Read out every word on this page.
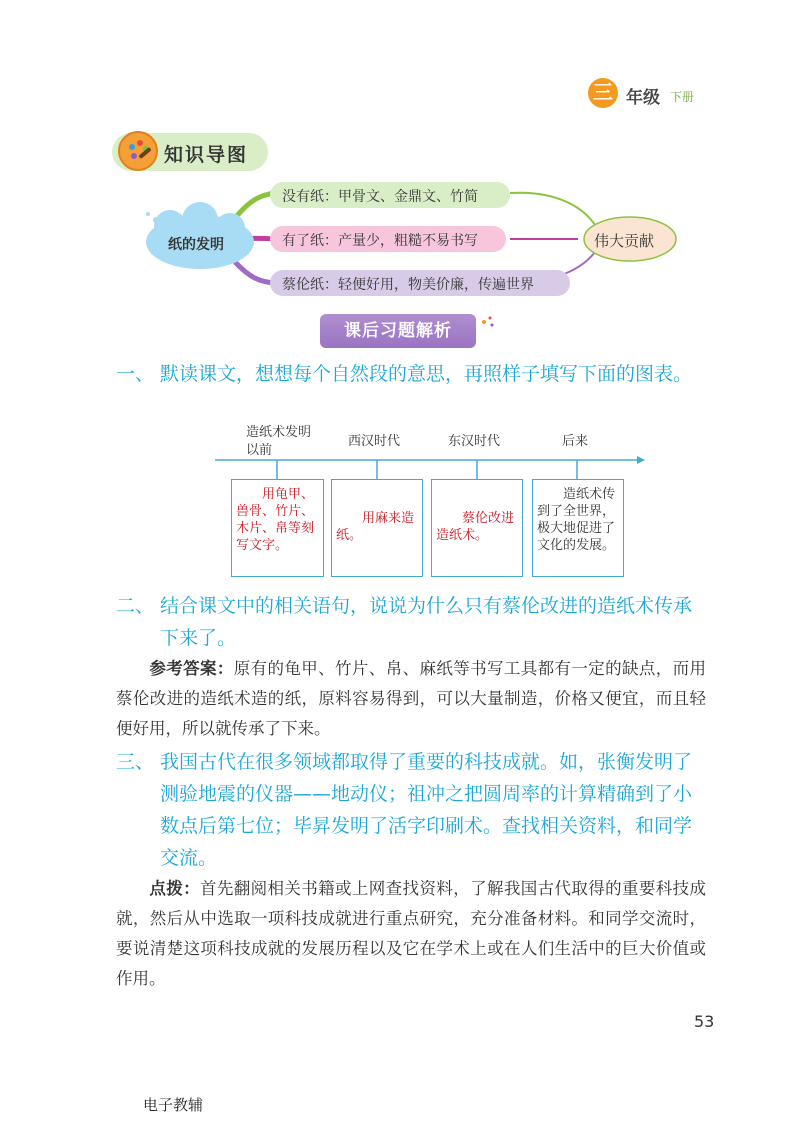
三 年级 下册
知识导图
纸的发明
没有纸：甲骨文、金鼎文、竹简
有了纸：产量少，粗糙不易书写
蔡伦纸：轻便好用，物美价廉，传遍世界
伟大贡献
课后习题解析
一、 默读课文，想想每个自然段的意思，再照样子填写下面的图表。
造纸术发明以前
西汉时代	东汉时代	后来
用龟甲、兽骨、竹片、木片、帛等刻写文字。
用麻来造纸。
蔡伦改进造纸术。
造纸术传到了全世界，极大地促进了文化的发展。
二、 结合课文中的相关语句，说说为什么只有蔡伦改进的造纸术传承下来了。
参考答案：原有的龟甲、竹片、帛、麻纸等书写工具都有一定的缺点，而用蔡伦改进的造纸术造的纸，原料容易得到，可以大量制造，价格又便宜，而且轻便好用，所以就传承了下来。
三、 我国古代在很多领域都取得了重要的科技成就。如，张衡发明了测验地震的仪器——地动仪；祖冲之把圆周率的计算精确到了小数点后第七位；毕昇发明了活字印刷术。查找相关资料，和同学交流。
点拨：首先翻阅相关书籍或上网查找资料，了解我国古代取得的重要科技成就，然后从中选取一项科技成就进行重点研究，充分准备材料。和同学交流时，要说清楚这项科技成就的发展历程以及它在学术上或在人们生活中的巨大价值或作用。
53
电子教辅
